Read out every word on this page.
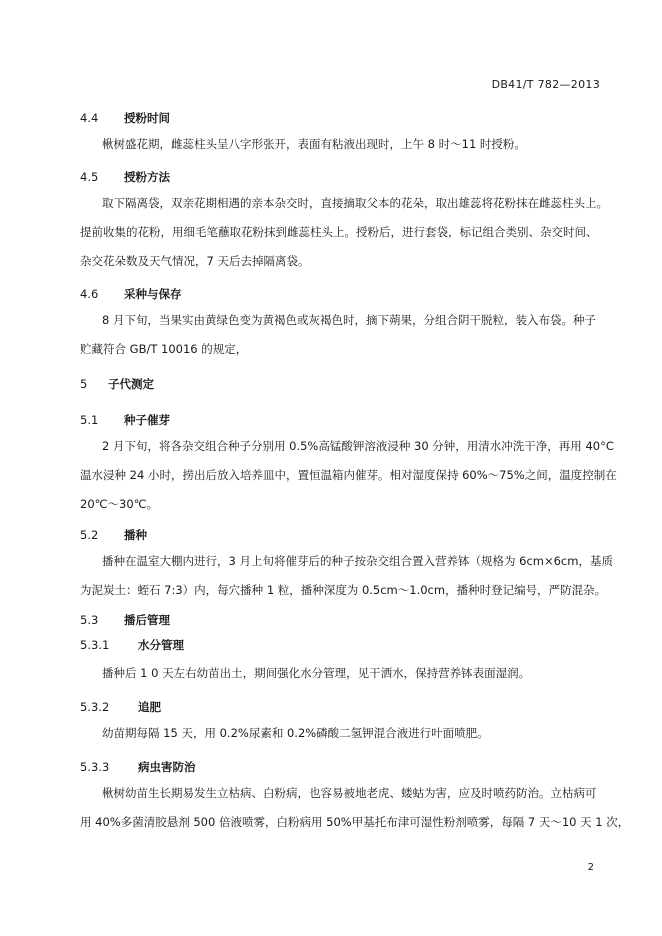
DB41/T 782—2013
4.4 授粉时间
楸树盛花期，雌蕊柱头呈八字形张开，表面有粘液出现时，上午 8 时～11 时授粉。
4.5 授粉方法
取下隔离袋，双亲花期相遇的亲本杂交时，直接摘取父本的花朵，取出雄蕊将花粉抹在雌蕊柱头上。
提前收集的花粉，用细毛笔蘸取花粉抹到雌蕊柱头上。授粉后，进行套袋，标记组合类别、杂交时间、
杂交花朵数及天气情况，7 天后去掉隔离袋。
4.6 采种与保存
8 月下旬，当果实由黄绿色变为黄褐色或灰褐色时，摘下蒴果，分组合阴干脱粒，装入布袋。种子
贮藏符合 GB/T 10016 的规定，
5 子代测定
5.1 种子催芽
2 月下旬，将各杂交组合种子分别用 0.5%高锰酸钾溶液浸种 30 分钟，用清水冲洗干净，再用 40°C
温水浸种 24 小时，捞出后放入培养皿中，置恒温箱内催芽。相对湿度保持 60%～75%之间，温度控制在
20℃～30℃。
5.2 播种
播种在温室大棚内进行，3 月上旬将催芽后的种子按杂交组合置入营养钵（规格为 6cm×6cm，基质
为泥炭土：蛭石 7:3）内，每穴播种 1 粒，播种深度为 0.5cm～1.0cm，播种时登记编号，严防混杂。
5.3 播后管理
5.3.1 水分管理
播种后 1 0 天左右幼苗出土，期间强化水分管理，见干洒水，保持营养钵表面湿润。
5.3.2 追肥
幼苗期每隔 15 天，用 0.2%尿素和 0.2%磷酸二氢钾混合液进行叶面喷肥。
5.3.3 病虫害防治
楸树幼苗生长期易发生立枯病、白粉病，也容易被地老虎、蝼蛄为害，应及时喷药防治。立枯病可
用 40%多菌清胶悬剂 500 倍液喷雾，白粉病用 50%甲基托布津可湿性粉剂喷雾，每隔 7 天～10 天 1 次，
2
